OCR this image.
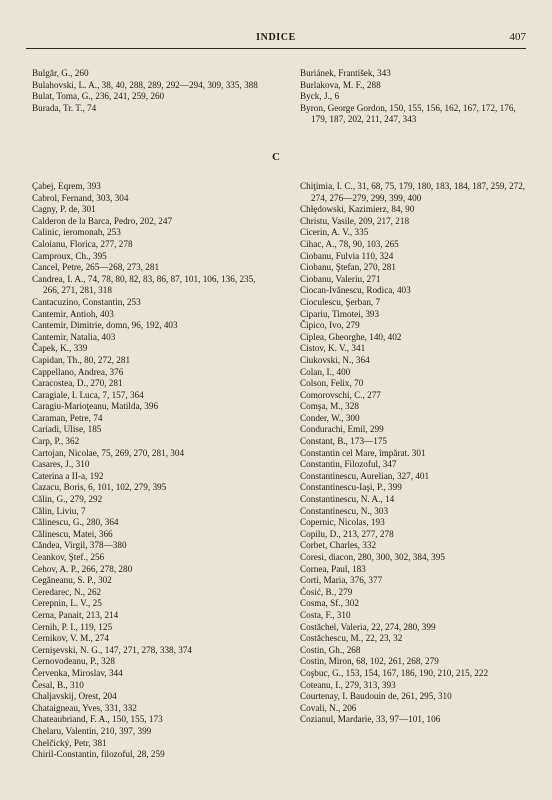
INDICE	407
Bulgăr, G., 260
Bulahovski, L. A., 38, 40, 288, 289, 292—294, 309, 335, 388
Bulat, Toma, G., 236, 241, 259, 260
Burada, Tr. T., 74
Buriánek, František, 343
Burlakova, M. F., 288
Byck, J., 6
Byron, George Gordon, 150, 155, 156, 162, 167, 172, 176, 179, 187, 202, 211, 247, 343
C
Çabej, Eqrem, 393
Cabrol, Fernand, 303, 304
Cagny, P. de, 301
Calderon de la Barca, Pedro, 202, 247
Calinic, ieromonah, 253
Caloianu, Florica, 277, 278
Camproux, Ch., 395
Cancel, Petre, 265—268, 273, 281
Candrea, I. A., 74, 78, 80, 82, 83, 86, 87, 101, 106, 136, 235, 266, 271, 281, 318
Cantacuzino, Constantin, 253
Cantemir, Antioh, 403
Cantemir, Dimitrie, domn, 96, 192, 403
Cantemir, Natalia, 403
Čapek, K., 339
Capidan, Th., 80, 272, 281
Cappellano, Andrea, 376
Caracostea, D., 270, 281
Caragiale, I. Luca, 7, 157, 364
Caragiu-Marioţeanu, Matilda, 396
Caraman, Petre, 74
Cariadi, Ulise, 185
Carp, P., 362
Cartojan, Nicolae, 75, 269, 270, 281, 304
Casares, J., 310
Caterina a II-a, 192
Cazacu, Boris, 6, 101, 102, 279, 395
Călin, G., 279, 292
Călin, Liviu, 7
Călinescu, G., 280, 364
Călinescu, Matei, 366
Căndea, Virgil, 378—380
Ceankov, Ştef., 256
Cehov, A. P., 266, 278, 280
Cegăneanu, S. P., 302
Ceredarec, N., 262
Cerepnin, L. V., 25
Cerna, Panait, 213, 214
Cernih, P. I., 119, 125
Cernikov, V. M., 274
Cernişevski, N. G., 147, 271, 278, 338, 374
Cernovodeanu, P., 328
Červenka, Miroslav, 344
Česal, B., 310
Chaljavskij, Orest, 204
Chataigneau, Yves, 331, 332
Chateaubriand, F. A., 150, 155, 173
Chelaru, Valentin, 210, 397, 399
Chelčický, Petr, 381
Chiril-Constantin, filozoful, 28, 259
Chiţimia, I. C., 31, 68, 75, 179, 180, 183, 184, 187, 259, 272, 274, 276—279, 299, 399, 400
Chłędowski, Kazimierz, 84, 90
Christu, Vasile, 209, 217, 218
Cicerin, A. V., 335
Cihac, A., 78, 90, 103, 265
Ciobanu, Fulvia 110, 324
Ciobanu, Ştefan, 270, 281
Ciobanu, Valeriu, 271
Ciocan-Ivănescu, Rodica, 403
Cioculescu, Şerban, 7
Cipariu, Timotei, 393
Čipico, Ivo, 279
Ciplea, Gheorghe, 140, 402
Cistov, K. V., 341
Ciukovski, N., 364
Colan, I., 400
Colson, Felix, 70
Comorovschi, C., 277
Comşa, M., 328
Conder, W., 300
Condurachi, Emil, 299
Constant, B., 173—175
Constantin cel Mare, împărat. 301
Constantin, Filozoful, 347
Constantinescu, Aurelian, 327, 401
Constantinescu-Iaşi, P., 399
Constantinescu, N. A., 14
Constantinescu, N., 303
Copernic, Nicolas, 193
Copilu, D., 213, 277, 278
Corbet, Charles, 332
Coresi, diacon, 280, 300, 302, 384, 395
Cornea, Paul, 183
Corti, Maria, 376, 377
Ćosić, B., 279
Cosma, Sf., 302
Costa, F., 310
Costăchel, Valeria, 22, 274, 280, 399
Costăchescu, M., 22, 23, 32
Costin, Gh., 268
Costin, Miron, 68, 102, 261, 268, 279
Coşbuc, G., 153, 154, 167, 186, 190, 210, 215, 222
Coteanu, I., 279, 313, 393
Courtenay, I. Baudouin de, 261, 295, 310
Covali, N., 206
Cozianul, Mardarie, 33, 97—101, 106
